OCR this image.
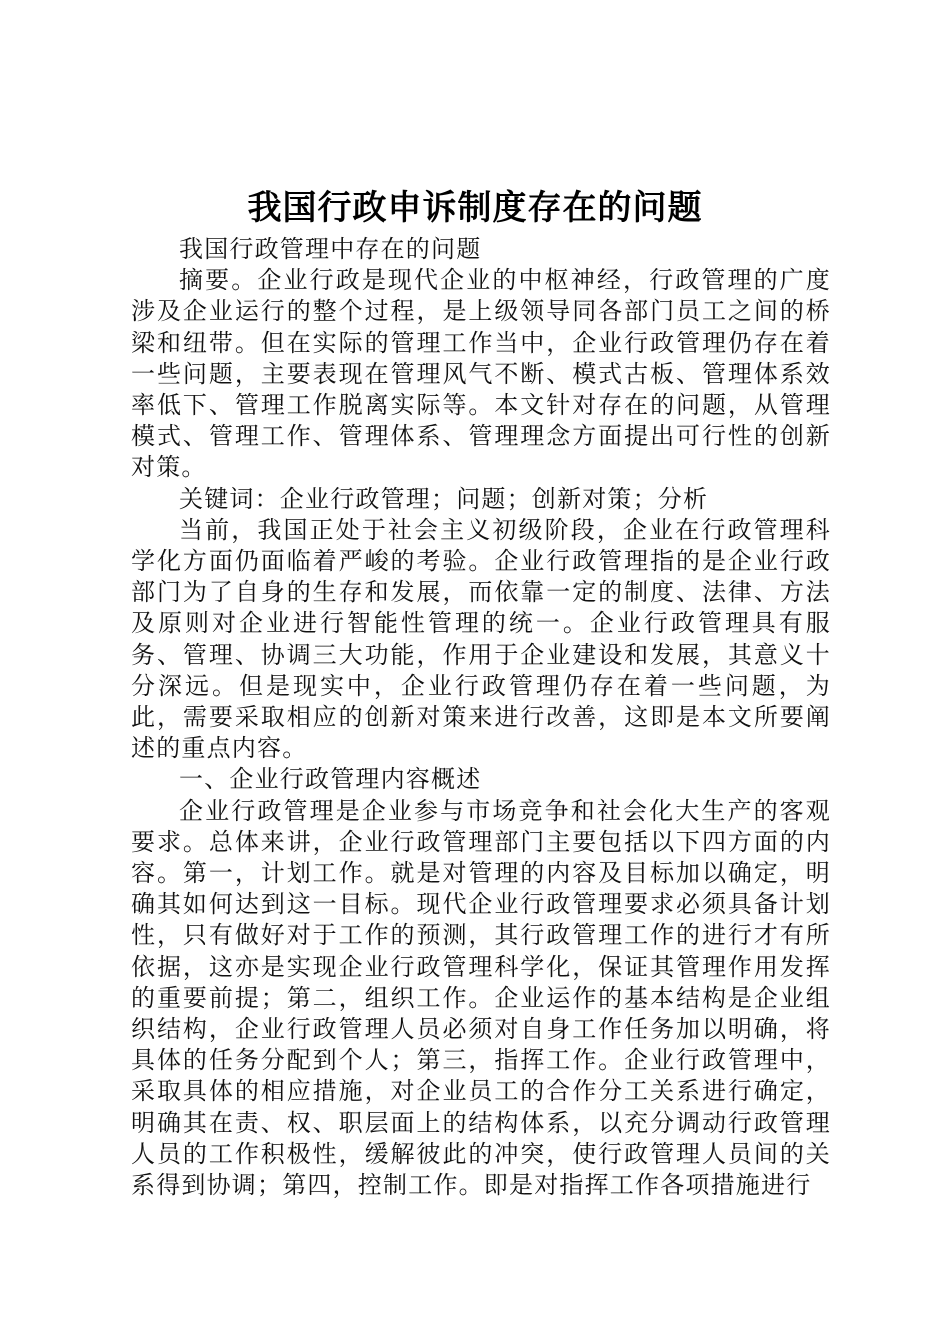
我国行政申诉制度存在的问题

我国行政管理中存在的问题

摘要。企业行政是现代企业的中枢神经，行政管理的广度涉及企业运行的整个过程，是上级领导同各部门员工之间的桥梁和纽带。但在实际的管理工作当中，企业行政管理仍存在着一些问题，主要表现在管理风气不断、模式古板、管理体系效率低下、管理工作脱离实际等。本文针对存在的问题，从管理模式、管理工作、管理体系、管理理念方面提出可行性的创新对策。

关键词：企业行政管理；问题；创新对策；分析

当前，我国正处于社会主义初级阶段，企业在行政管理科学化方面仍面临着严峻的考验。企业行政管理指的是企业行政部门为了自身的生存和发展，而依靠一定的制度、法律、方法及原则对企业进行智能性管理的统一。企业行政管理具有服务、管理、协调三大功能，作用于企业建设和发展，其意义十分深远。但是现实中，企业行政管理仍存在着一些问题，为此，需要采取相应的创新对策来进行改善，这即是本文所要阐述的重点内容。

一、企业行政管理内容概述

企业行政管理是企业参与市场竞争和社会化大生产的客观要求。总体来讲，企业行政管理部门主要包括以下四方面的内容。第一，计划工作。就是对管理的内容及目标加以确定，明确其如何达到这一目标。现代企业行政管理要求必须具备计划性，只有做好对于工作的预测，其行政管理工作的进行才有所依据，这亦是实现企业行政管理科学化，保证其管理作用发挥的重要前提；第二，组织工作。企业运作的基本结构是企业组织结构，企业行政管理人员必须对自身工作任务加以明确，将具体的任务分配到个人；第三，指挥工作。企业行政管理中，采取具体的相应措施，对企业员工的合作分工关系进行确定，明确其在责、权、职层面上的结构体系，以充分调动行政管理人员的工作积极性，缓解彼此的冲突，使行政管理人员间的关系得到协调；第四，控制工作。即是对指挥工作各项措施进行
